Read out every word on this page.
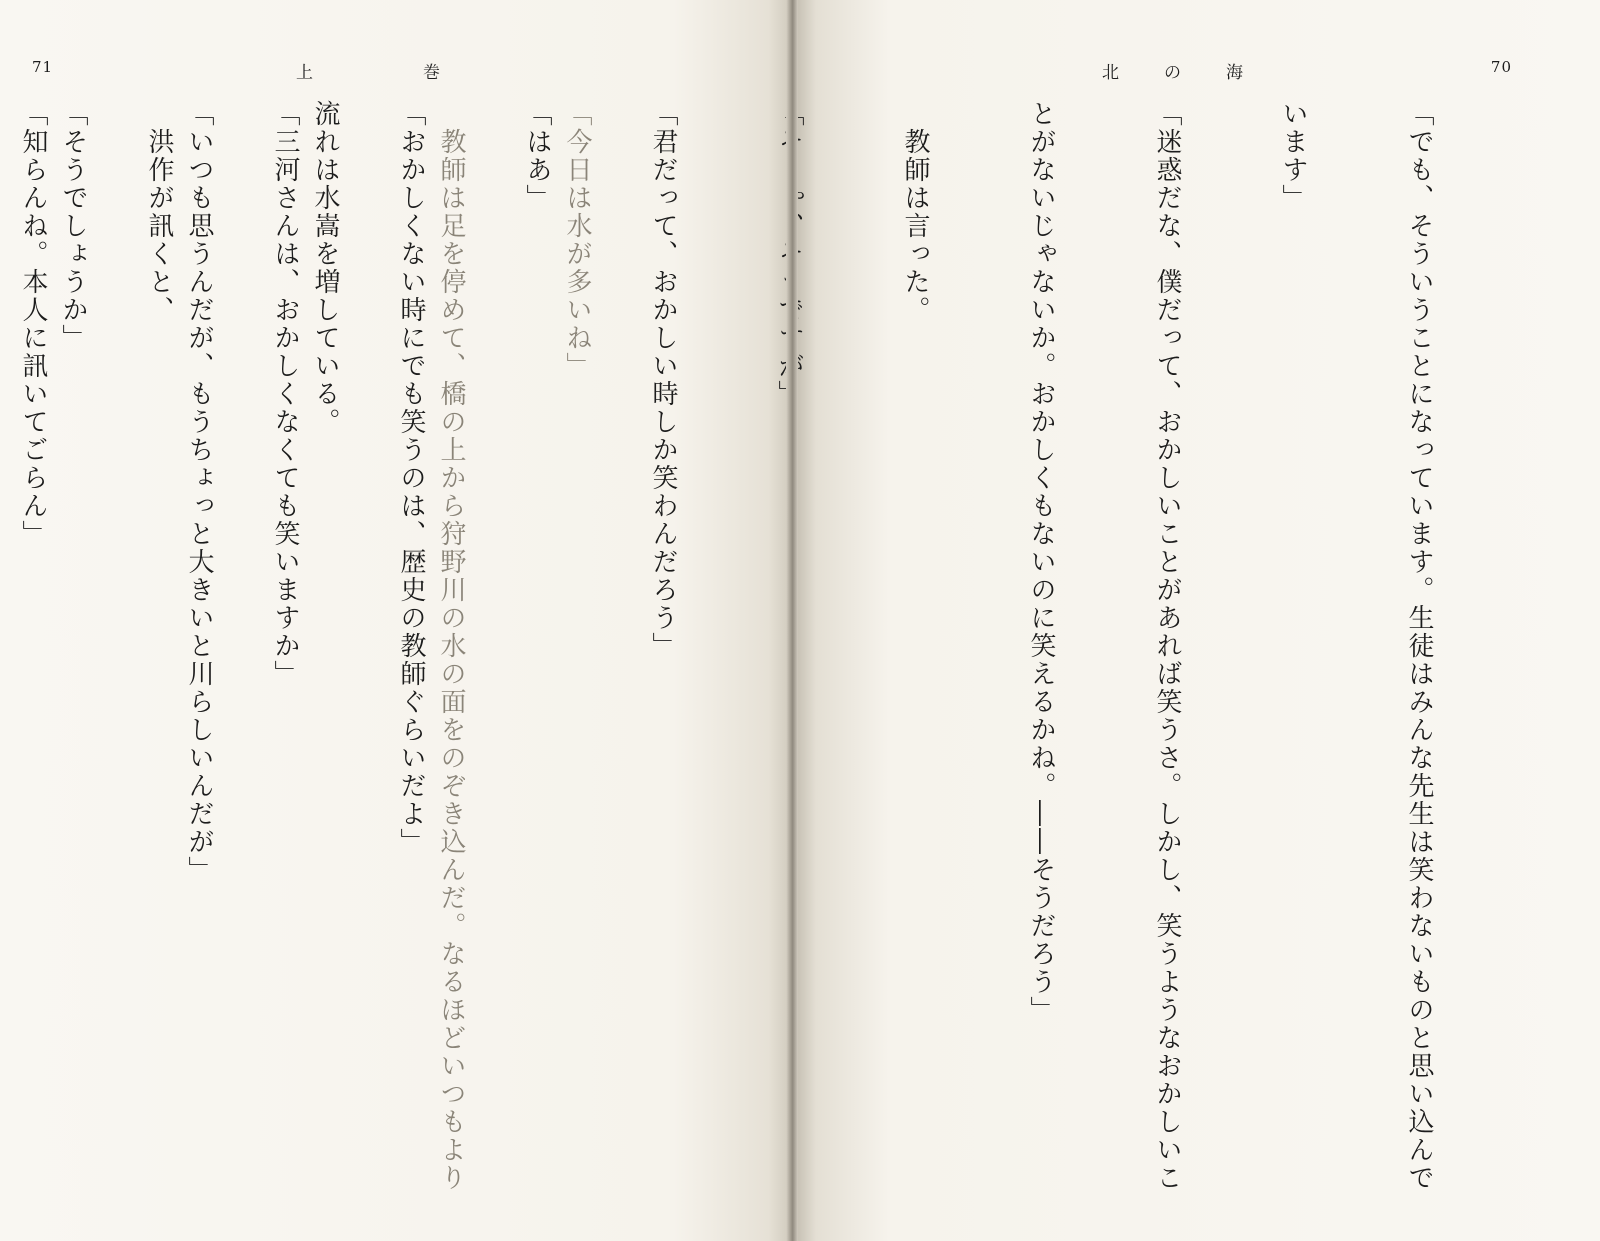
71	上	巻

「今日は水が多いね」

　教師は足を停めて、橋の上から狩野川の水の面をのぞき込んだ。なるほどいつもより

流れは水嵩を増している。

「いつも思うんだが、もうちょっと大きいと川らしいんだが」

「そうでしょうか」

70
北	の	海

「でも、そういうことになっています。生徒はみんな先生は笑わないものと思い込んで

います」

「迷惑だな、僕だって、おかしいことがあれば笑うさ。しかし、笑うようなおかしいこ

とがないじゃないか。おかしくもないのに笑えるかね。――そうだろう」

　教師は言った。

「君だって、おかしい時しか笑わんだろう」

「はあ」

「おかしくない時にでも笑うのは、歴史の教師ぐらいだよ」

「三河さんは、おかしくなくても笑いますか」

　洪作が訊くと、

「知らんね。本人に訊いてごらん」
